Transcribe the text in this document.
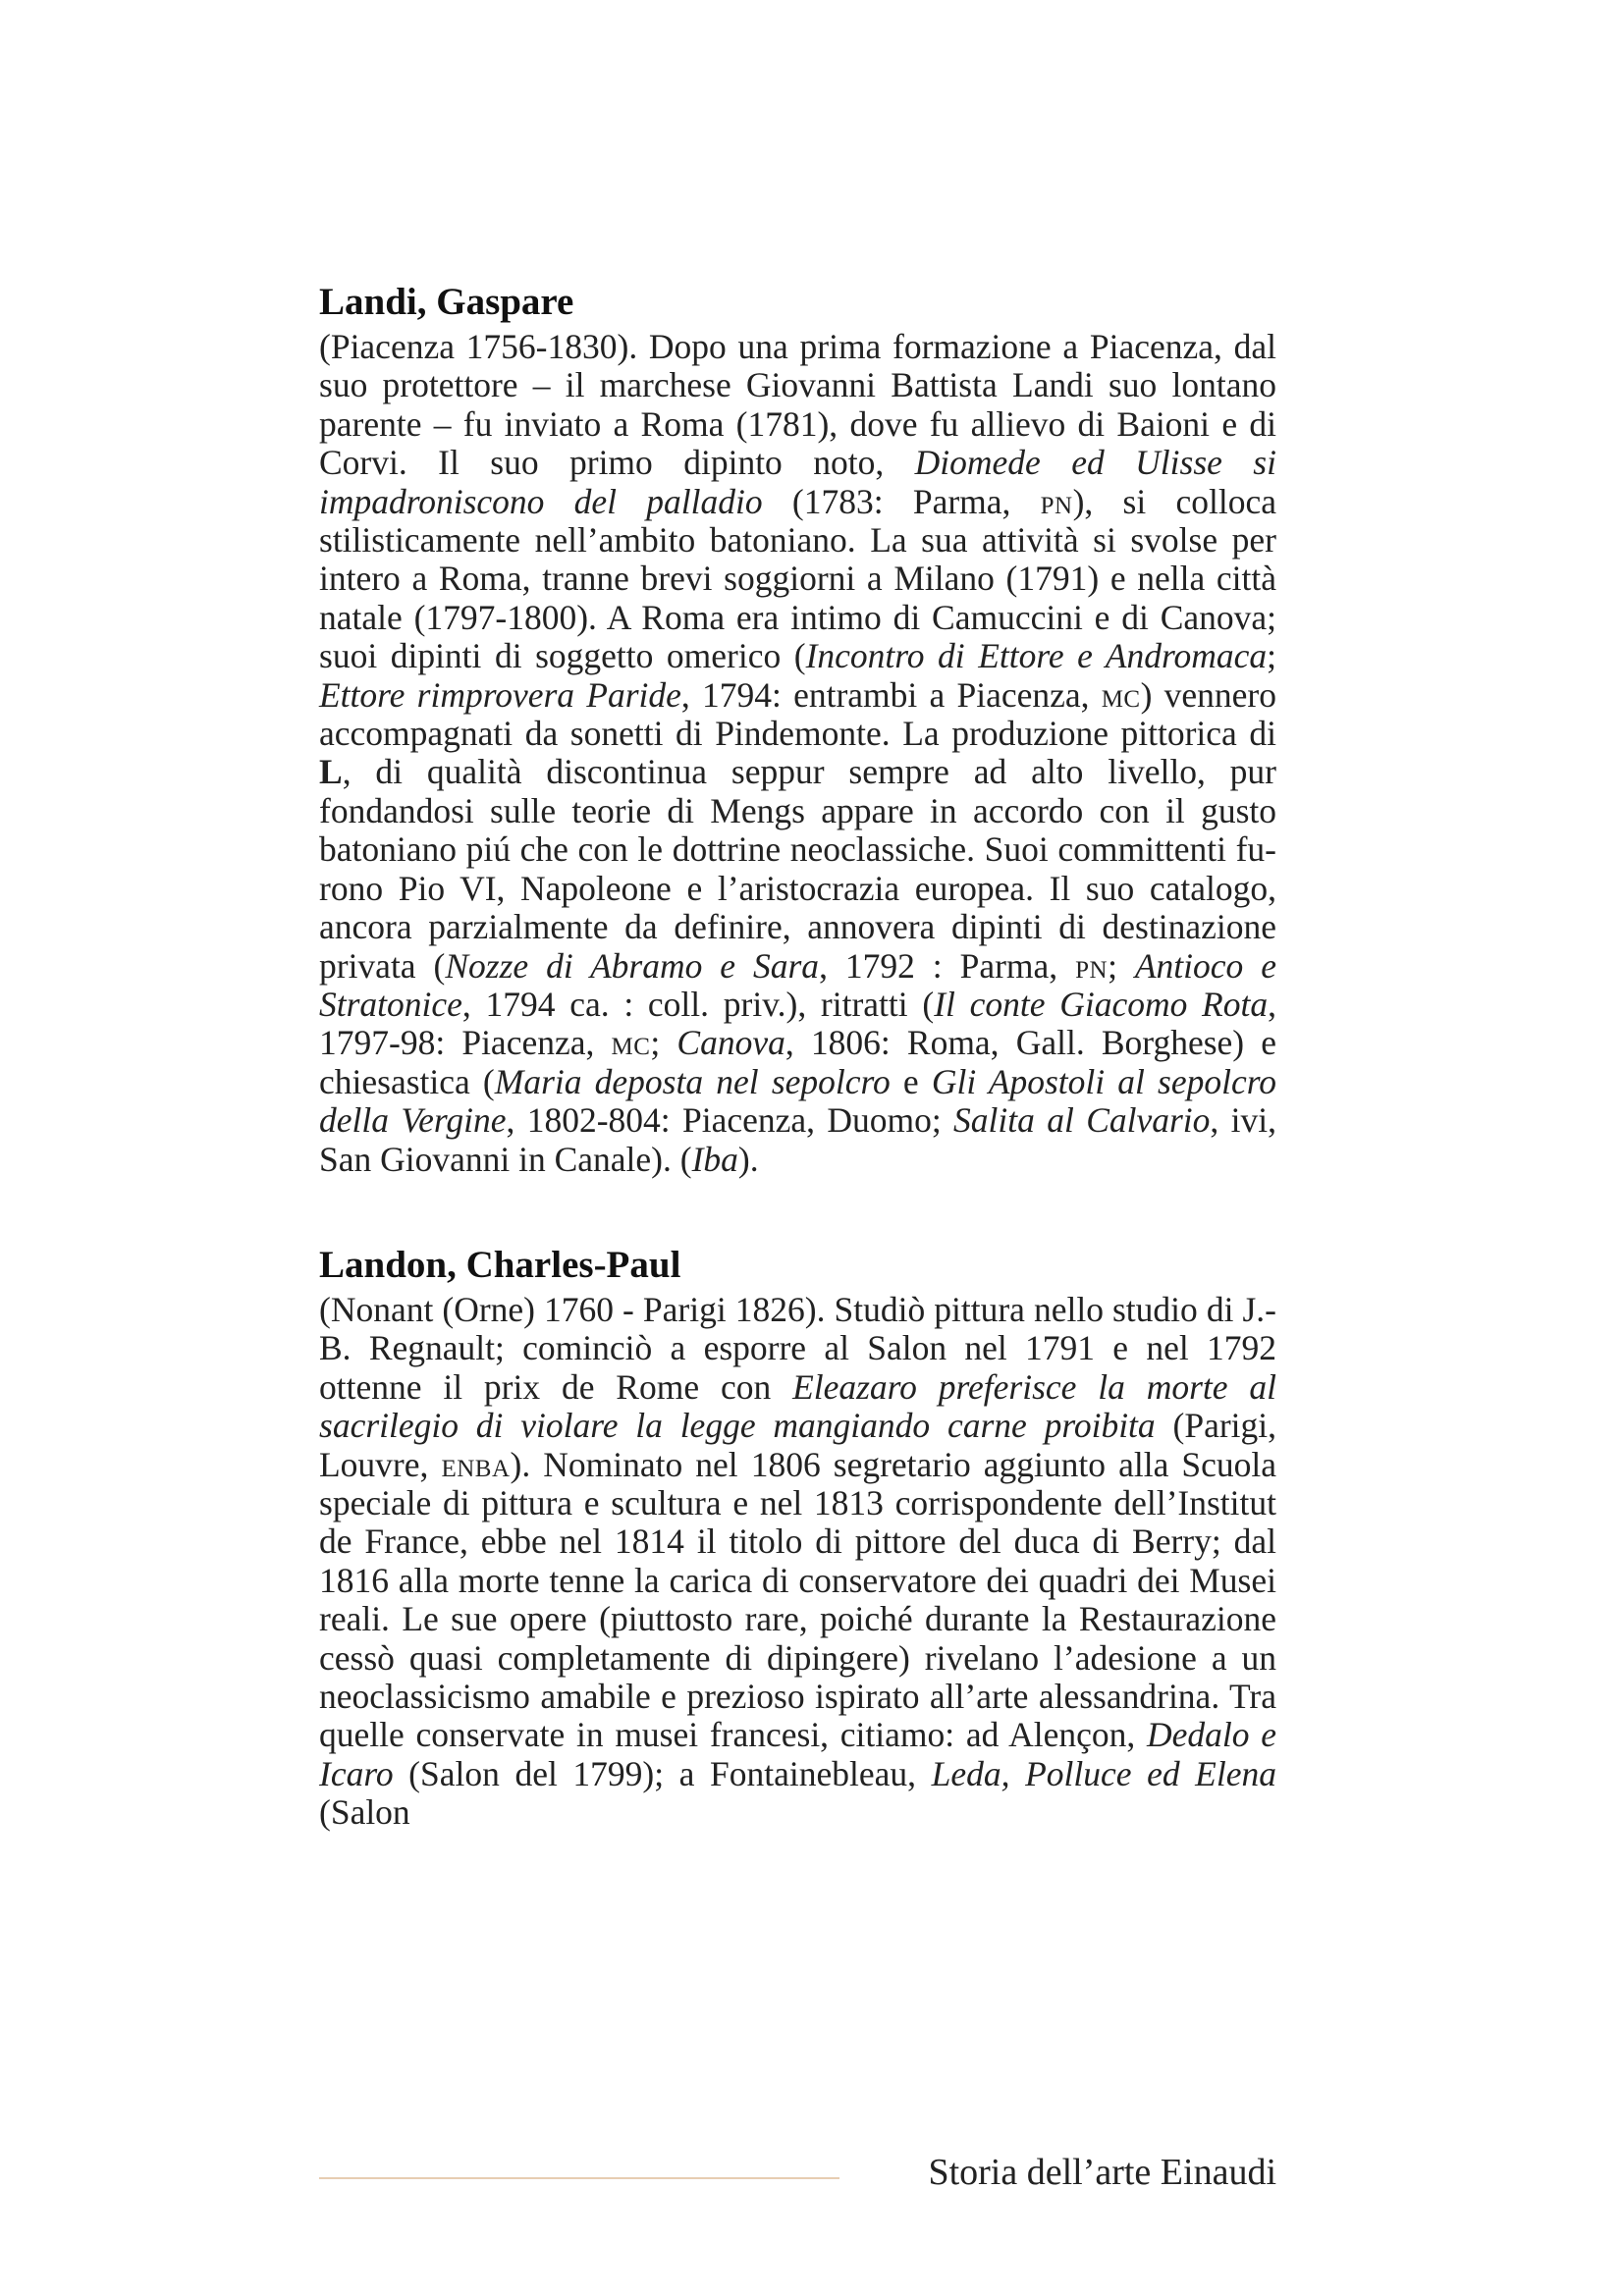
Landi, Gaspare

(Piacenza 1756-1830). Dopo una prima formazione a Piacenza, dal suo protettore – il marchese Giovanni Battista Landi suo lontano parente – fu inviato a Roma (1781), dove fu allievo di Baioni e di Corvi. Il suo primo dipinto noto, Diomede ed Ulisse si impadroniscono del palladio (1783: Parma, pn), si colloca stilisticamente nell’ambito batoniano. La sua attività si svolse per intero a Roma, tranne brevi soggiorni a Milano (1791) e nella città natale (1797-1800). A Roma era intimo di Camuccini e di Canova; suoi dipinti di soggetto omerico (Incontro di Ettore e Andromaca; Ettore rimprovera Paride, 1794: entrambi a Piacenza, mc) vennero accompagnati da sonetti di Pindemonte. La produzione pittorica di L, di qualità discontinua seppur sempre ad alto livello, pur fondandosi sulle teorie di Mengs appare in accordo con il gusto batoniano piú che con le dottrine neoclassiche. Suoi committenti furono Pio VI, Napoleone e l’aristocrazia europea. Il suo catalogo, ancora parzialmente da definire, annovera dipinti di destinazione privata (Nozze di Abramo e Sara, 1792 : Parma, pn; Antioco e Stratonice, 1794 ca. : coll. priv.), ritratti (Il conte Giacomo Rota, 1797-98: Piacenza, mc; Canova, 1806: Roma, Gall. Borghese) e chiesastica (Maria deposta nel sepolcro e Gli Apostoli al sepolcro della Vergine, 1802-804: Piacenza, Duomo; Salita al Calvario, ivi, San Giovanni in Canale). (Iba).

Landon, Charles-Paul

(Nonant (Orne) 1760 - Parigi 1826). Studiò pittura nello studio di J.-B. Regnault; cominciò a esporre al Salon nel 1791 e nel 1792 ottenne il prix de Rome con Eleazaro preferisce la morte al sacrilegio di violare la legge mangiando carne proibita (Parigi, Louvre, enba). Nominato nel 1806 segretario aggiunto alla Scuola speciale di pittura e scultura e nel 1813 corrispondente dell’Institut de France, ebbe nel 1814 il titolo di pittore del duca di Berry; dal 1816 alla morte tenne la carica di conservatore dei quadri dei Musei reali. Le sue opere (piuttosto rare, poiché durante la Restaurazione cessò quasi completamente di dipingere) rivelano l’adesione a un neoclassicismo amabile e prezioso ispirato all’arte alessandrina. Tra quelle conservate in musei francesi, citiamo: ad Alençon, Dedalo e Icaro (Salon del 1799); a Fontainebleau, Leda, Polluce ed Elena (Salon

Storia dell’arte Einaudi
